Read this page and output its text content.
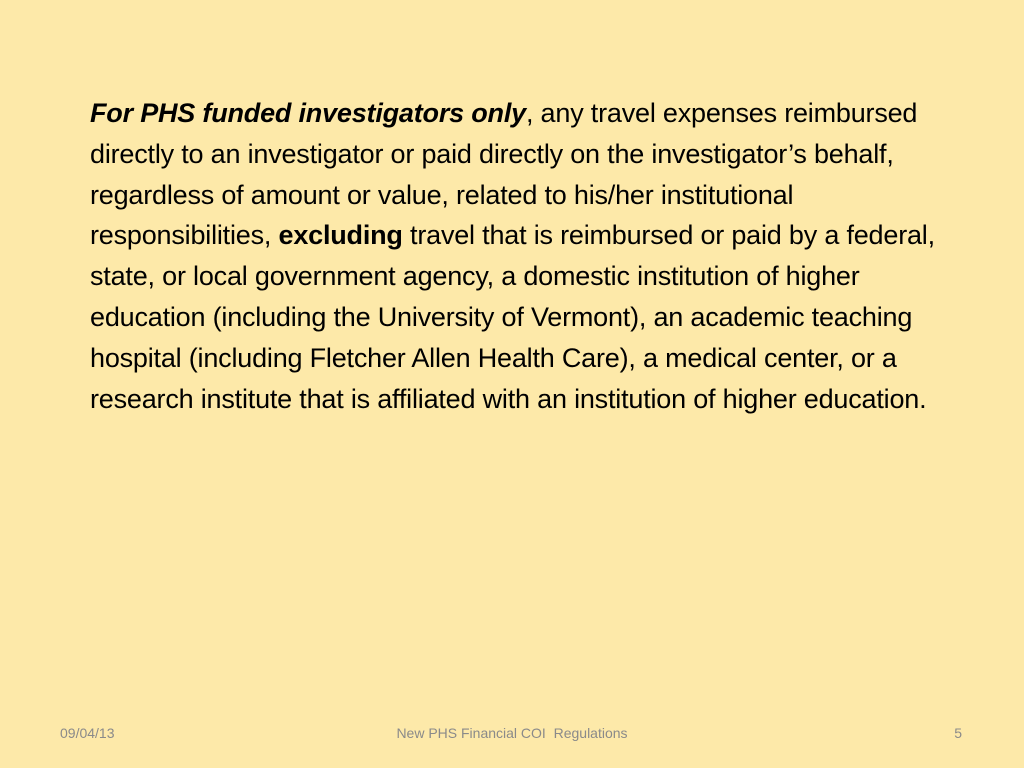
For PHS funded investigators only, any travel expenses reimbursed directly to an investigator or paid directly on the investigator’s behalf, regardless of amount or value, related to his/her institutional responsibilities, excluding travel that is reimbursed or paid by a federal, state, or local government agency, a domestic institution of higher education (including the University of Vermont), an academic teaching hospital (including Fletcher Allen Health Care), a medical center, or a research institute that is affiliated with an institution of higher education.
09/04/13	New PHS Financial COI  Regulations	5
